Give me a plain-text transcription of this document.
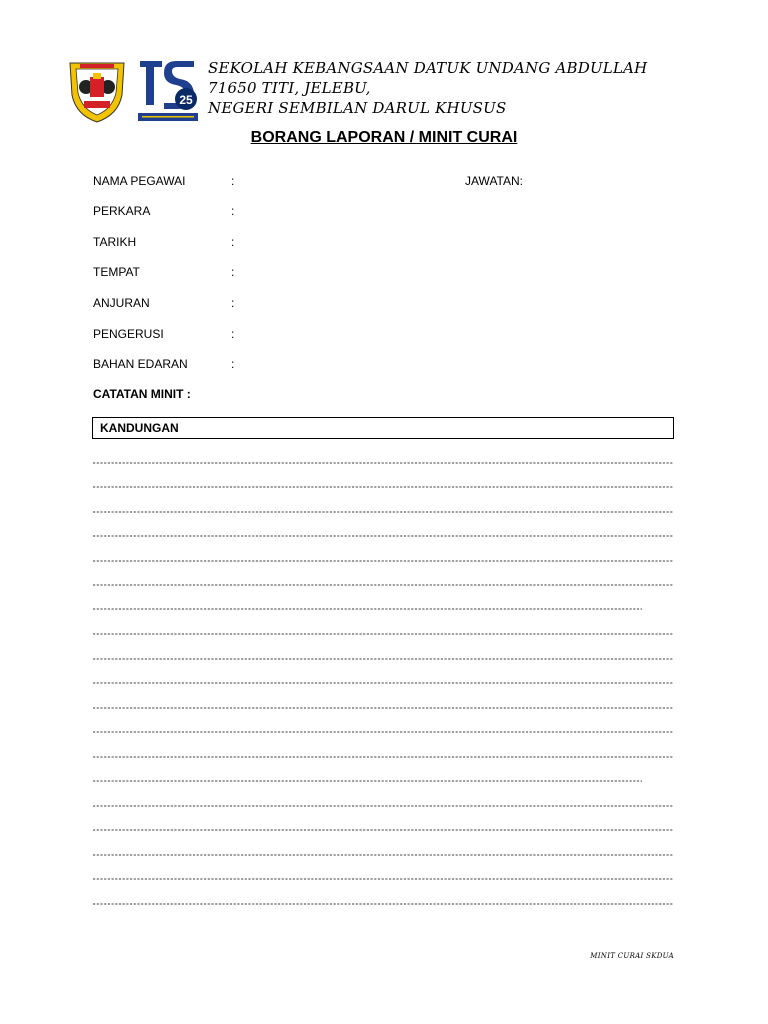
25
SEKOLAH KEBANGSAAN DATUK UNDANG ABDULLAH
71650 TITI, JELEBU,
NEGERI SEMBILAN DARUL KHUSUS
BORANG LAPORAN / MINIT CURAI
NAMA PEGAWAI	:	JAWATAN:
PERKARA	:
TARIKH	:
TEMPAT	:
ANJURAN	:
PENGERUSI	:
BAHAN EDARAN	:
CATATAN MINIT :
KANDUNGAN
MINIT CURAI SKDUA
